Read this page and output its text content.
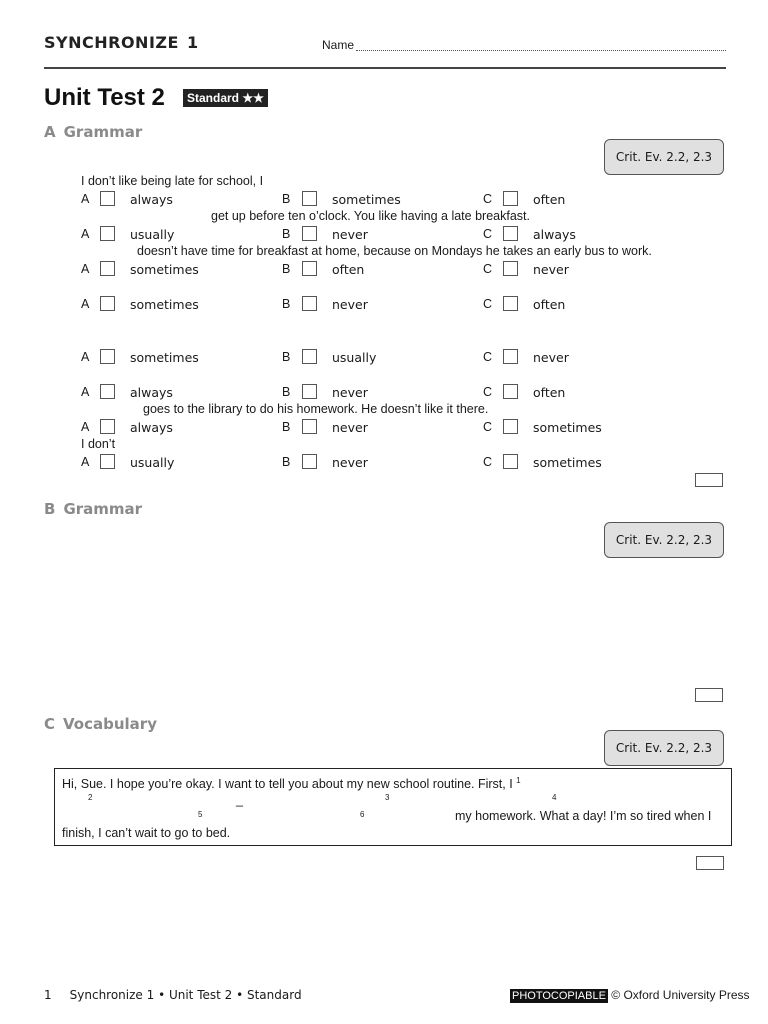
SYNCHRONIZE 1	Name
Unit Test 2	Standard ★★
A Grammar
Crit. Ev. 2.2, 2.3
I don’t like being late for school, I
get up before ten o’clock. You like having a late breakfast.
doesn’t have time for breakfast at home, because on Mondays he takes an early bus to work.
goes to the library to do his homework. He doesn’t like it there.
I don’t
A	always	B	sometimes	C	often
A	usually	B	never	C	always
A	sometimes	B	often	C	never
A	sometimes	B	never	C	often
A	sometimes	B	usually	C	never
A	always	B	never	C	often
A	always	B	never	C	sometimes
A	usually	B	never	C	sometimes
B Grammar
Crit. Ev. 2.2, 2.3
C Vocabulary
Crit. Ev. 2.2, 2.3
Hi, Sue. I hope you’re okay. I want to tell you about my new school routine. First, I $^1$
2	3	4
_
5	6	my homework. What a day! I’m so tired when I
finish, I can’t wait to go to bed.
1 Synchronize 1 • Unit Test 2 • Standard	PHOTOCOPIABLE © Oxford University Press
